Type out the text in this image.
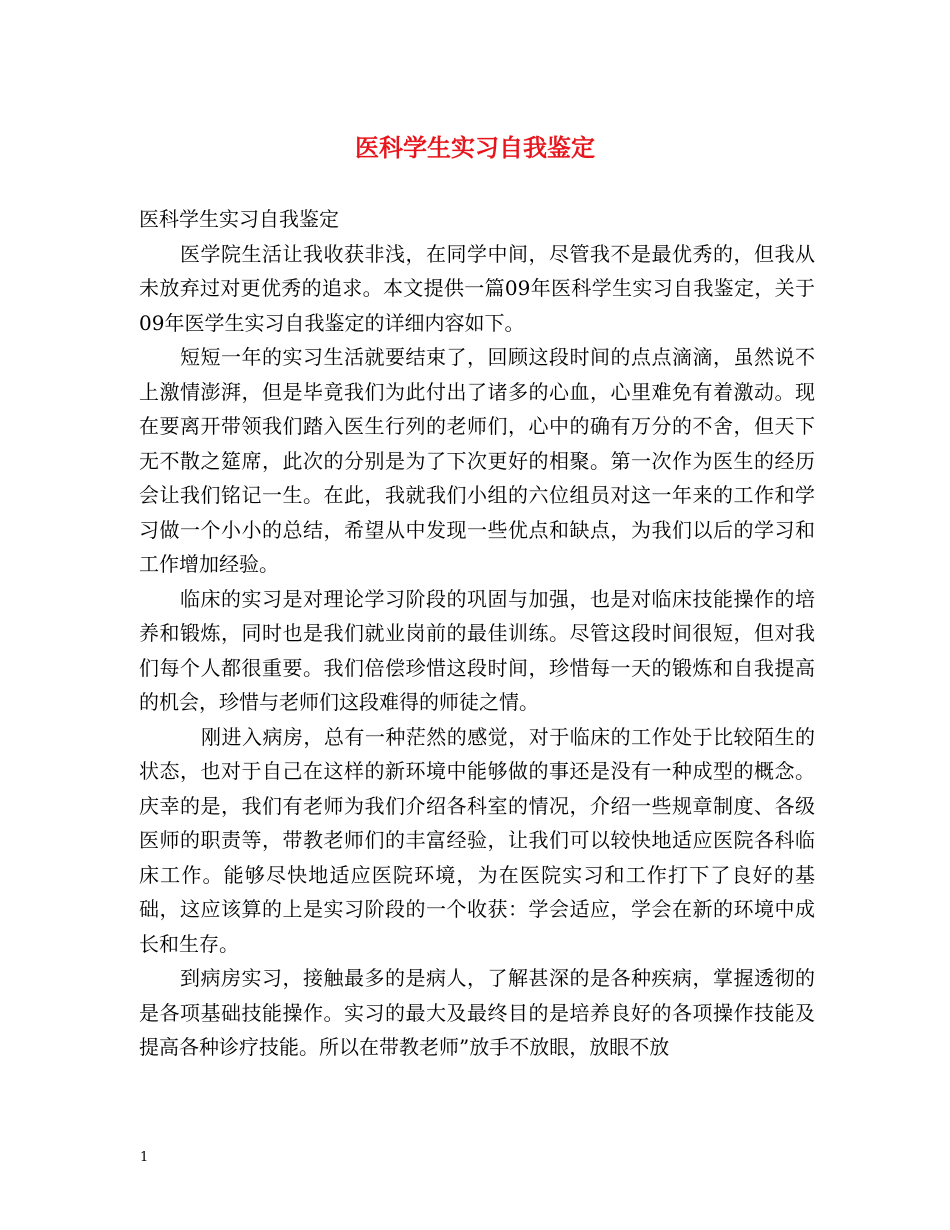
医科学生实习自我鉴定

医科学生实习自我鉴定

医学院生活让我收获非浅，在同学中间，尽管我不是最优秀的，但我从未放弃过对更优秀的追求。本文提供一篇09年医科学生实习自我鉴定，关于09年医学生实习自我鉴定的详细内容如下。

短短一年的实习生活就要结束了，回顾这段时间的点点滴滴，虽然说不上激情澎湃，但是毕竟我们为此付出了诸多的心血，心里难免有着激动。现在要离开带领我们踏入医生行列的老师们，心中的确有万分的不舍，但天下无不散之筵席，此次的分别是为了下次更好的相聚。第一次作为医生的经历会让我们铭记一生。在此，我就我们小组的六位组员对这一年来的工作和学习做一个小小的总结，希望从中发现一些优点和缺点，为我们以后的学习和工作增加经验。

临床的实习是对理论学习阶段的巩固与加强，也是对临床技能操作的培养和锻炼，同时也是我们就业岗前的最佳训练。尽管这段时间很短，但对我们每个人都很重要。我们倍偿珍惜这段时间，珍惜每一天的锻炼和自我提高的机会，珍惜与老师们这段难得的师徒之情。

刚进入病房，总有一种茫然的感觉，对于临床的工作处于比较陌生的状态，也对于自己在这样的新环境中能够做的事还是没有一种成型的概念。庆幸的是，我们有老师为我们介绍各科室的情况，介绍一些规章制度、各级医师的职责等，带教老师们的丰富经验，让我们可以较快地适应医院各科临床工作。能够尽快地适应医院环境，为在医院实习和工作打下了良好的基础，这应该算的上是实习阶段的一个收获：学会适应，学会在新的环境中成长和生存。

到病房实习，接触最多的是病人，了解甚深的是各种疾病，掌握透彻的是各项基础技能操作。实习的最大及最终目的是培养良好的各项操作技能及提高各种诊疗技能。所以在带教老师”放手不放眼，放眼不放

1
